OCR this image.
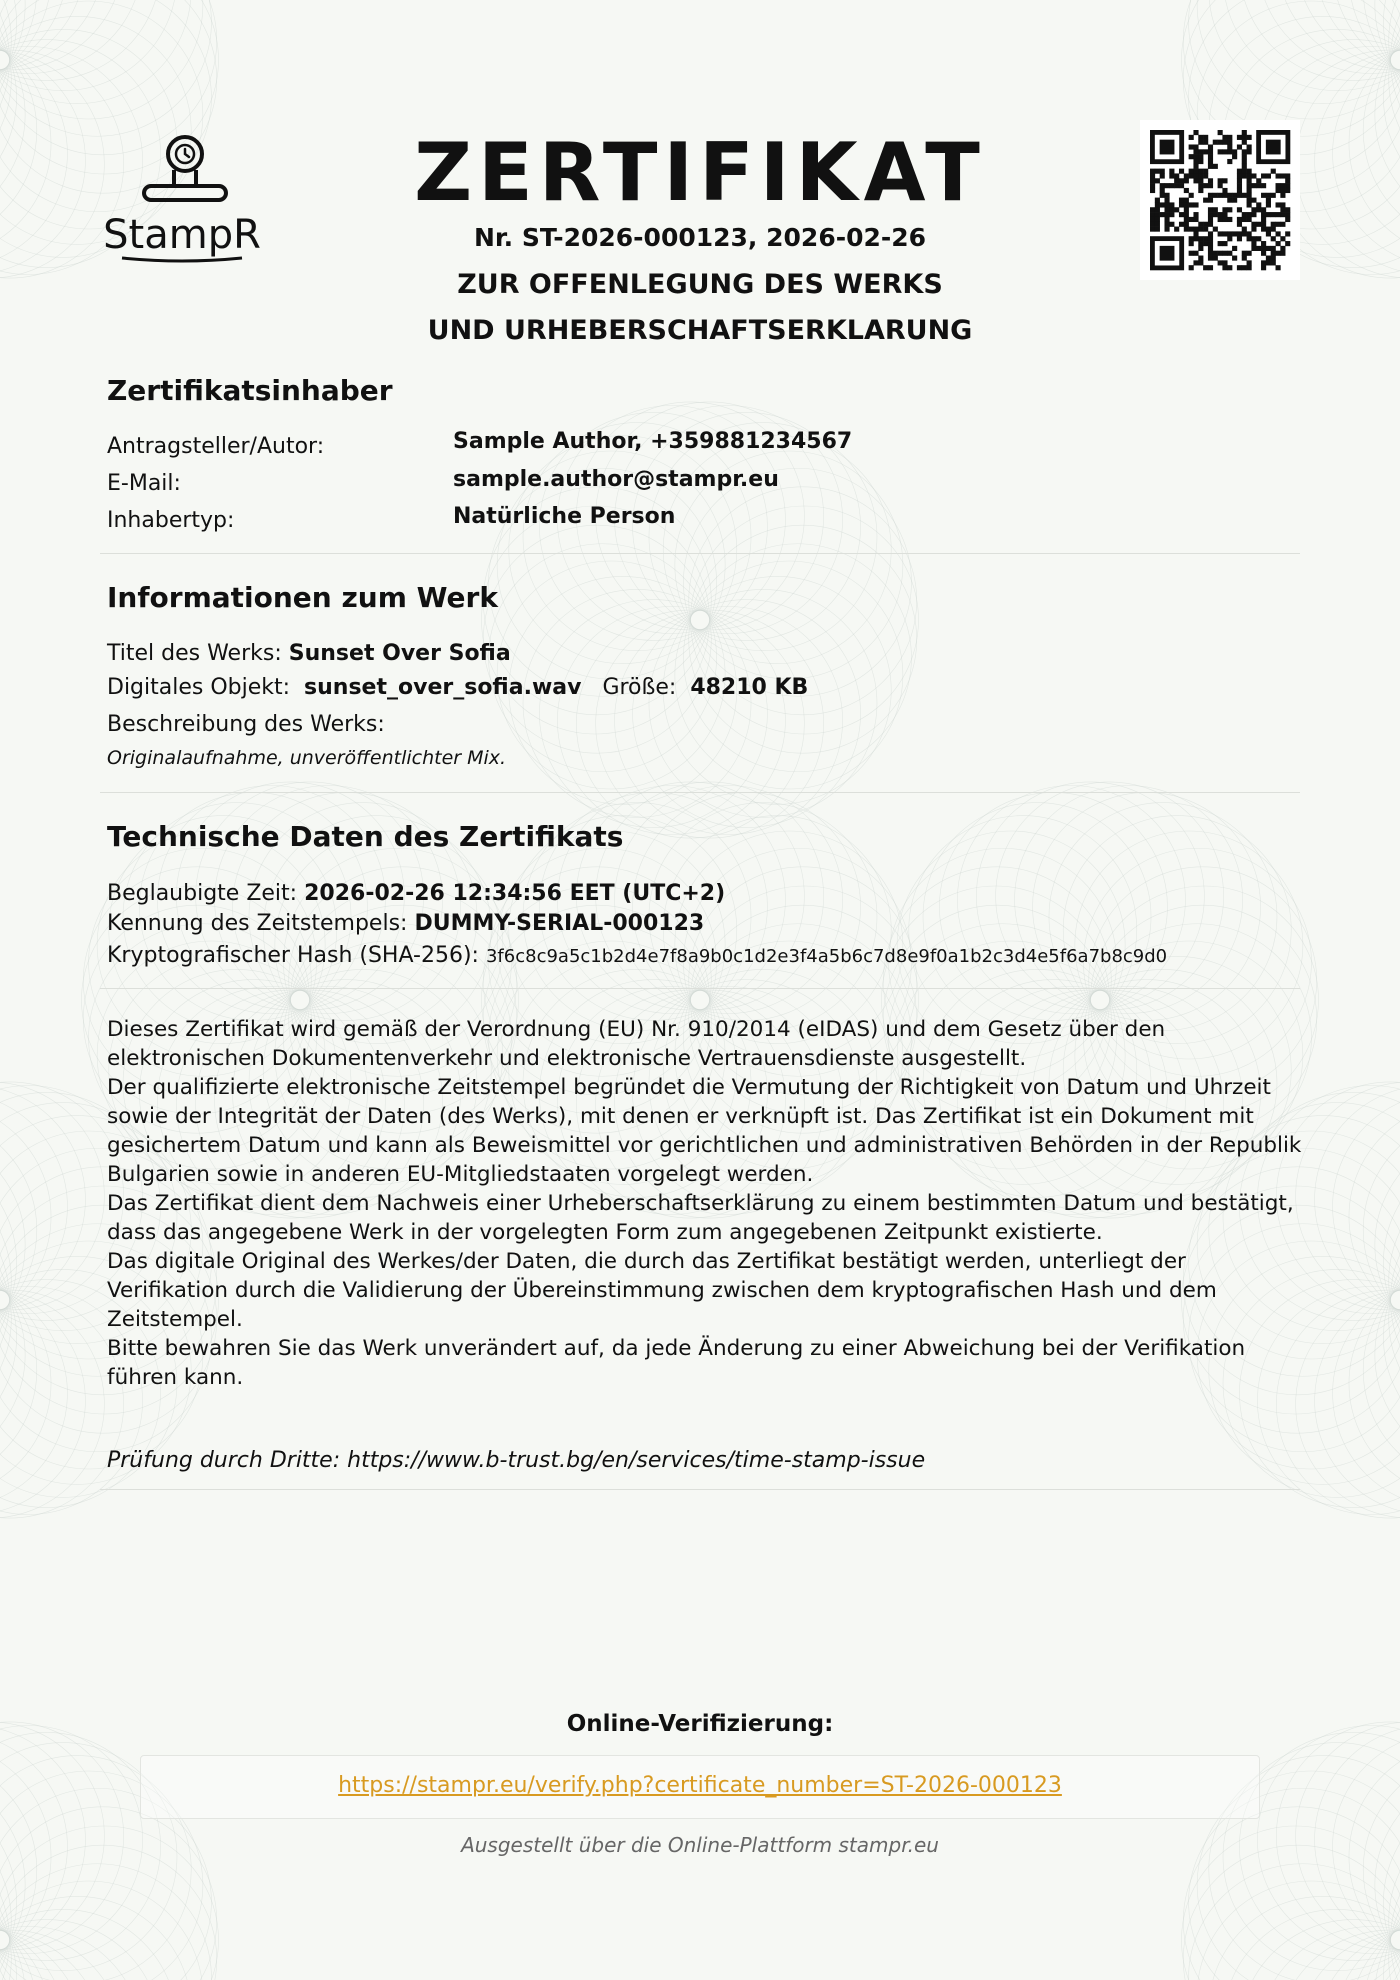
StampR
ZERTIFIKAT
Nr. ST-2026-000123, 2026-02-26
ZUR OFFENLEGUNG DES WERKS
UND URHEBERSCHAFTSERKLARUNG
Zertifikatsinhaber
Antragsteller/Autor:	Sample Author, +359881234567
E-Mail:	sample.author@stampr.eu
Inhabertyp:	Natürliche Person
Informationen zum Werk
Titel des Werks: Sunset Over Sofia
Digitales Objekt: sunset_over_sofia.wav Größe: 48210 KB
Beschreibung des Werks:
Originalaufnahme, unveröffentlichter Mix.
Technische Daten des Zertifikats
Beglaubigte Zeit: 2026-02-26 12:34:56 EET (UTC+2)
Kennung des Zeitstempels: DUMMY-SERIAL-000123
Kryptografischer Hash (SHA-256): 3f6c8c9a5c1b2d4e7f8a9b0c1d2e3f4a5b6c7d8e9f0a1b2c3d4e5f6a7b8c9d0

Dieses Zertifikat wird gemäß der Verordnung (EU) Nr. 910/2014 (eIDAS) und dem Gesetz über den elektronischen Dokumentenverkehr und elektronische Vertrauensdienste ausgestellt.

Der qualifizierte elektronische Zeitstempel begründet die Vermutung der Richtigkeit von Datum und Uhrzeit sowie der Integrität der Daten (des Werks), mit denen er verknüpft ist. Das Zertifikat ist ein Dokument mit gesichertem Datum und kann als Beweismittel vor gerichtlichen und administrativen Behörden in der Republik Bulgarien sowie in anderen EU-Mitgliedstaaten vorgelegt werden.

Das Zertifikat dient dem Nachweis einer Urheberschaftserklärung zu einem bestimmten Datum und bestätigt, dass das angegebene Werk in der vorgelegten Form zum angegebenen Zeitpunkt existierte.

Das digitale Original des Werkes/der Daten, die durch das Zertifikat bestätigt werden, unterliegt der Verifikation durch die Validierung der Übereinstimmung zwischen dem kryptografischen Hash und dem Zeitstempel.

Bitte bewahren Sie das Werk unverändert auf, da jede Änderung zu einer Abweichung bei der Verifikation führen kann.

Prüfung durch Dritte: https://www.b-trust.bg/en/services/time-stamp-issue
Online-Verifizierung:
https://stampr.eu/verify.php?certificate_number=ST-2026-000123
Ausgestellt über die Online-Plattform stampr.eu
